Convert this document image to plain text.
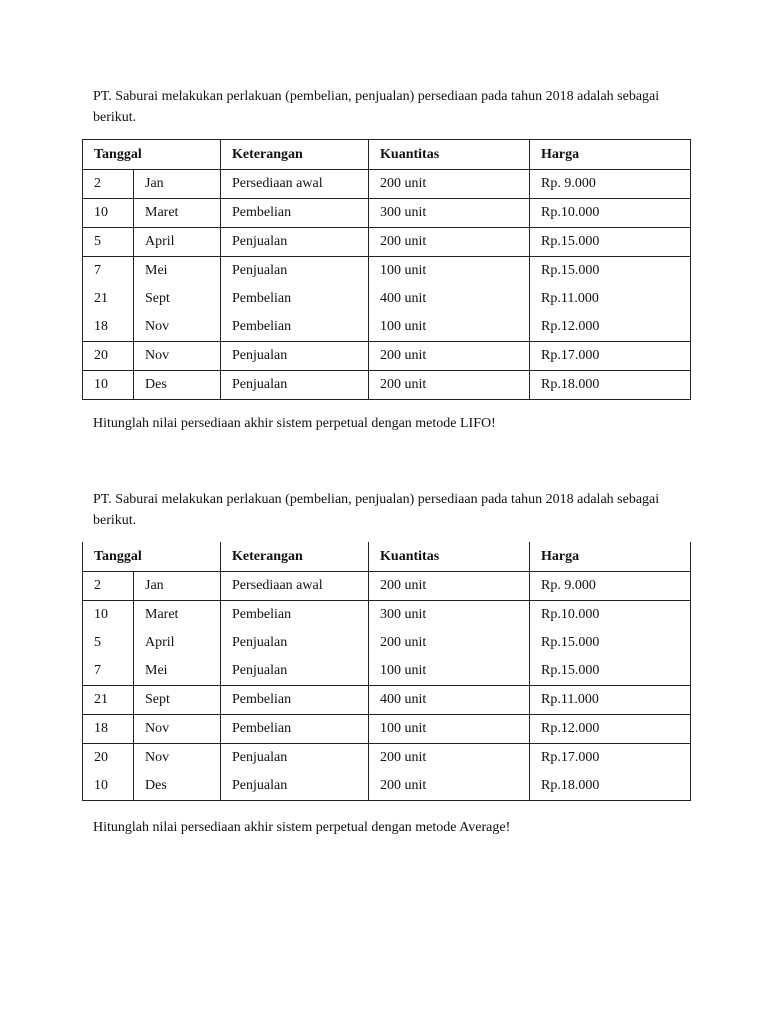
PT. Saburai melakukan perlakuan (pembelian, penjualan) persediaan pada tahun 2018 adalah sebagai berikut.

Tanggal		Keterangan	Kuantitas	Harga
2	Jan	Persediaan awal	200 unit	Rp. 9.000
10	Maret	Pembelian	300 unit	Rp.10.000
5	April	Penjualan	200 unit	Rp.15.000
7	Mei	Penjualan	100 unit	Rp.15.000
21	Sept	Pembelian	400 unit	Rp.11.000
18	Nov	Pembelian	100 unit	Rp.12.000
20	Nov	Penjualan	200 unit	Rp.17.000
10	Des	Penjualan	200 unit	Rp.18.000

Hitunglah nilai persediaan akhir sistem perpetual dengan metode LIFO!

PT. Saburai melakukan perlakuan (pembelian, penjualan) persediaan pada tahun 2018 adalah sebagai berikut.

Tanggal		Keterangan	Kuantitas	Harga
2	Jan	Persediaan awal	200 unit	Rp. 9.000
10	Maret	Pembelian	300 unit	Rp.10.000
5	April	Penjualan	200 unit	Rp.15.000
7	Mei	Penjualan	100 unit	Rp.15.000
21	Sept	Pembelian	400 unit	Rp.11.000
18	Nov	Pembelian	100 unit	Rp.12.000
20	Nov	Penjualan	200 unit	Rp.17.000
10	Des	Penjualan	200 unit	Rp.18.000

Hitunglah nilai persediaan akhir sistem perpetual dengan metode Average!
